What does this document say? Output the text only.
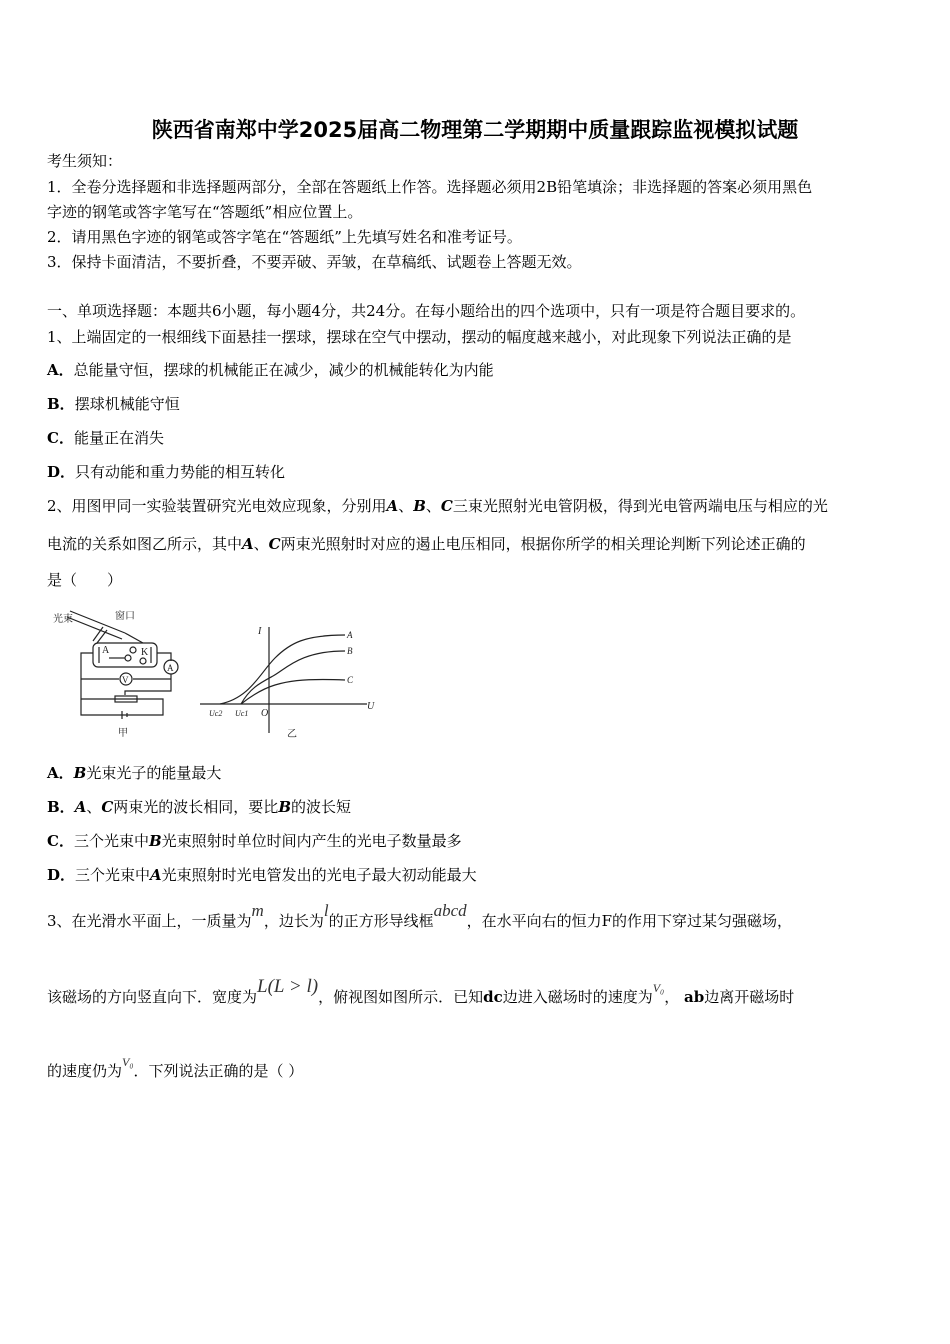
陕西省南郑中学2025届高二物理第二学期期中质量跟踪监视模拟试题
考生须知：
1．全卷分选择题和非选择题两部分，全部在答题纸上作答。选择题必须用2B铅笔填涂；非选择题的答案必须用黑色
字迹的钢笔或答字笔写在“答题纸”相应位置上。
2．请用黑色字迹的钢笔或答字笔在“答题纸”上先填写姓名和准考证号。
3．保持卡面清洁，不要折叠，不要弄破、弄皱，在草稿纸、试题卷上答题无效。
一、单项选择题：本题共6小题，每小题4分，共24分。在每小题给出的四个选项中，只有一项是符合题目要求的。
1、上端固定的一根细线下面悬挂一摆球，摆球在空气中摆动，摆动的幅度越来越小，对此现象下列说法正确的是
A．总能量守恒，摆球的机械能正在减少，减少的机械能转化为内能
B．摆球机械能守恒
C．能量正在消失
D．只有动能和重力势能的相互转化
2、用图甲同一实验装置研究光电效应现象，分别用A、B、C三束光照射光电管阴极，得到光电管两端电压与相应的光
电流的关系如图乙所示，其中A、C两束光照射时对应的遏止电压相同，根据你所学的相关理论判断下列论述正确的
是（　　）
光束	窗口
A	K
A
V
甲	乙
I
U
O
Uc2 Uc1
A
B
C
A．B光束光子的能量最大
B．A、C两束光的波长相同，要比B的波长短
C．三个光束中B光束照射时单位时间内产生的光电子数量最多
D．三个光束中A光束照射时光电管发出的光电子最大初动能最大
3、在光滑水平面上，一质量为m，边长为l的正方形导线框abcd，在水平向右的恒力F的作用下穿过某匀强磁场，
该磁场的方向竖直向下．宽度为L(L > l)，俯视图如图所示．已知dc边进入磁场时的速度为$^{V_0}$， ab边离开磁场时
的速度仍为$^{V_0}$．下列说法正确的是（ ）
